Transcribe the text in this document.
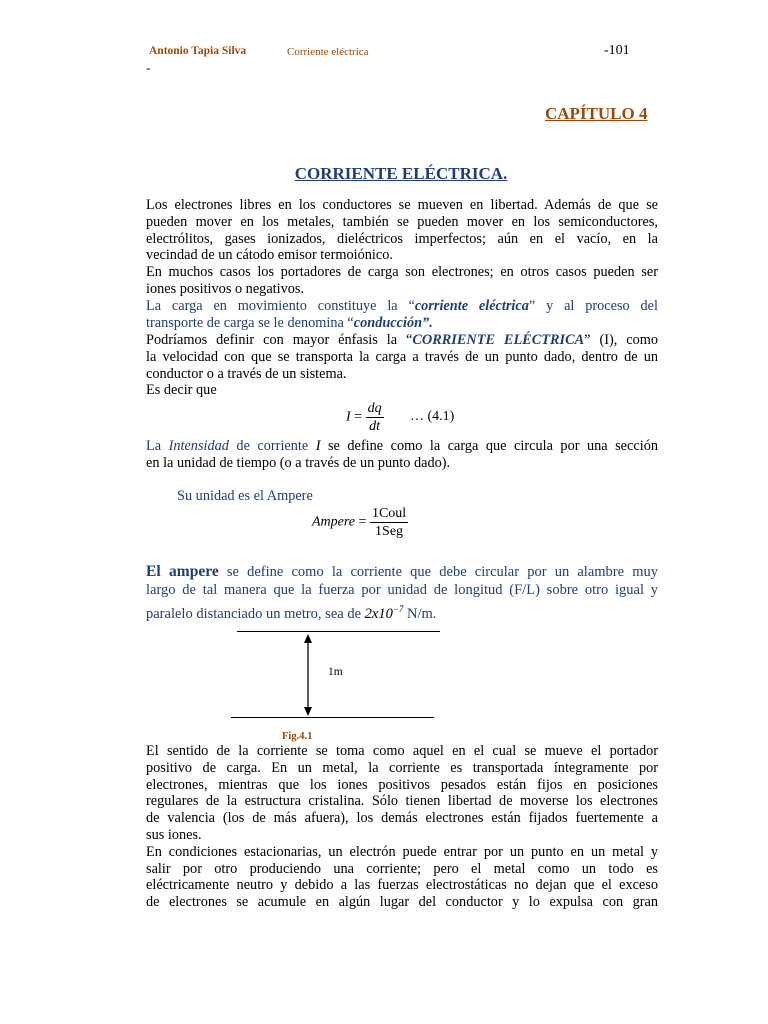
Antonio Tapia Silva	Corriente eléctrica	-101
-
CAPÍTULO 4
CORRIENTE ELÉCTRICA.
Los electrones libres en los conductores se mueven en libertad. Además de que se
pueden mover en los metales, también se pueden mover en los semiconductores,
electrólitos, gases ionizados, dieléctricos imperfectos; aún en el vacío, en la
vecindad de un cátodo emisor termoiónico.
En muchos casos los portadores de carga son electrones; en otros casos pueden ser
iones positivos o negativos.
La carga en movimiento constituye la “corriente eléctrica” y al proceso del
transporte de carga se le denomina “conducción”.
Podríamos definir con mayor énfasis la “CORRIENTE ELÉCTRICA” (I), como
la velocidad con que se transporta la carga a través de un punto dado, dentro de un
conductor o a través de un sistema.
Es decir que
$I = \frac{dq}{dt}$ … (4.1)
La Intensidad de corriente I se define como la carga que circula por una sección
en la unidad de tiempo (o a través de un punto dado).
Su unidad es el Ampere
Ampere = $\frac{\text{1Coul}}{\text{1Seg}}$
El ampere se define como la corriente que debe circular por un alambre muy
largo de tal manera que la fuerza por unidad de longitud (F/L) sobre otro igual y
paralelo distanciado un metro, sea de $2x10^{-7}$ N/m.
1m
Fig.4.1
El sentido de la corriente se toma como aquel en el cual se mueve el portador
positivo de carga. En un metal, la corriente es transportada íntegramente por
electrones, mientras que los iones positivos pesados están fijos en posiciones
regulares de la estructura cristalina. Sólo tienen libertad de moverse los electrones
de valencia (los de más afuera), los demás electrones están fijados fuertemente a
sus iones.
En condiciones estacionarias, un electrón puede entrar por un punto en un metal y
salir por otro produciendo una corriente; pero el metal como un todo es
eléctricamente neutro y debido a las fuerzas electrostáticas no dejan que el exceso
de electrones se acumule en algún lugar del conductor y lo expulsa con gran
